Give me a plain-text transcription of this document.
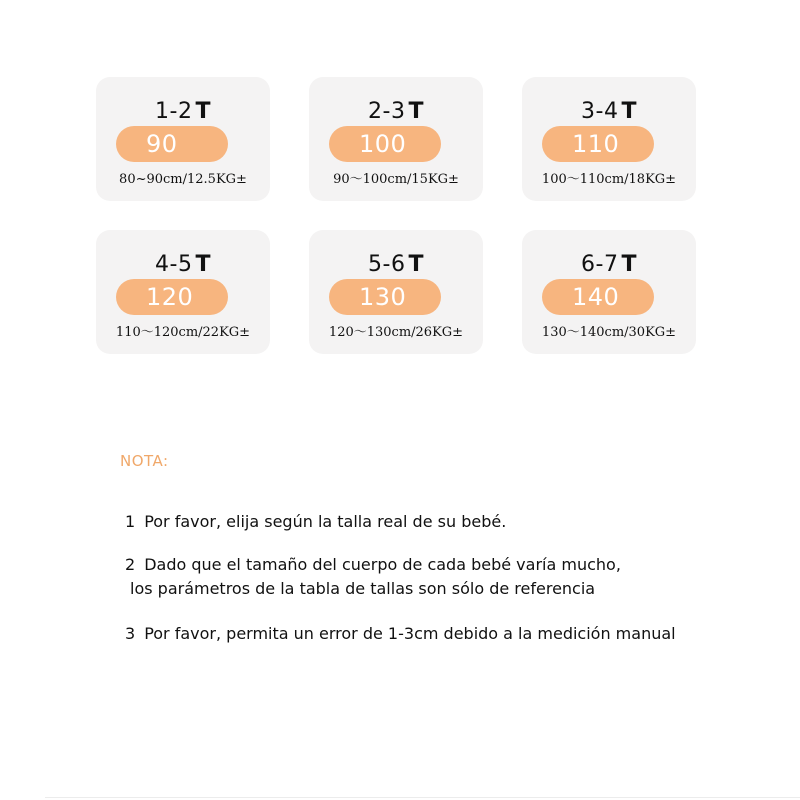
1-2 T
90
80~90cm/12.5KG±
2-3 T
100
90～100cm/15KG±
3-4 T
110
100～110cm/18KG±
4-5 T
120
110～120cm/22KG±
5-6 T
130
120～130cm/26KG±
6-7 T
140
130～140cm/30KG±
NOTA:
1 Por favor, elija según la talla real de su bebé.
2 Dado que el tamaño del cuerpo de cada bebé varía mucho,
los parámetros de la tabla de tallas son sólo de referencia
3 Por favor, permita un error de 1-3cm debido a la medición manual
